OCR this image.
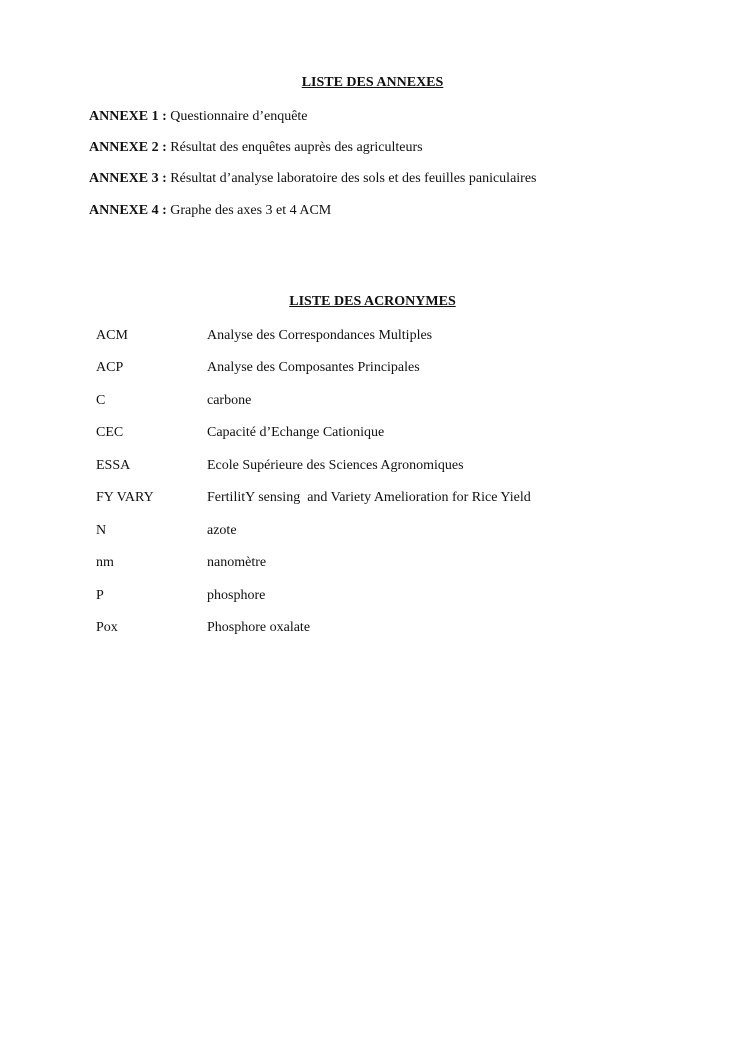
LISTE DES ANNEXES
ANNEXE 1 : Questionnaire d’enquête
ANNEXE 2 : Résultat des enquêtes auprès des agriculteurs
ANNEXE 3 : Résultat d’analyse laboratoire des sols et des feuilles paniculaires
ANNEXE 4 : Graphe des axes 3 et 4 ACM
LISTE DES ACRONYMES
ACM	Analyse des Correspondances Multiples
ACP	Analyse des Composantes Principales
C	carbone
CEC	Capacité d’Echange Cationique
ESSA	Ecole Supérieure des Sciences Agronomiques
FY VARY	FertilitY sensing  and Variety Amelioration for Rice Yield
N	azote
nm	nanomètre
P	phosphore
Pox	Phosphore oxalate
